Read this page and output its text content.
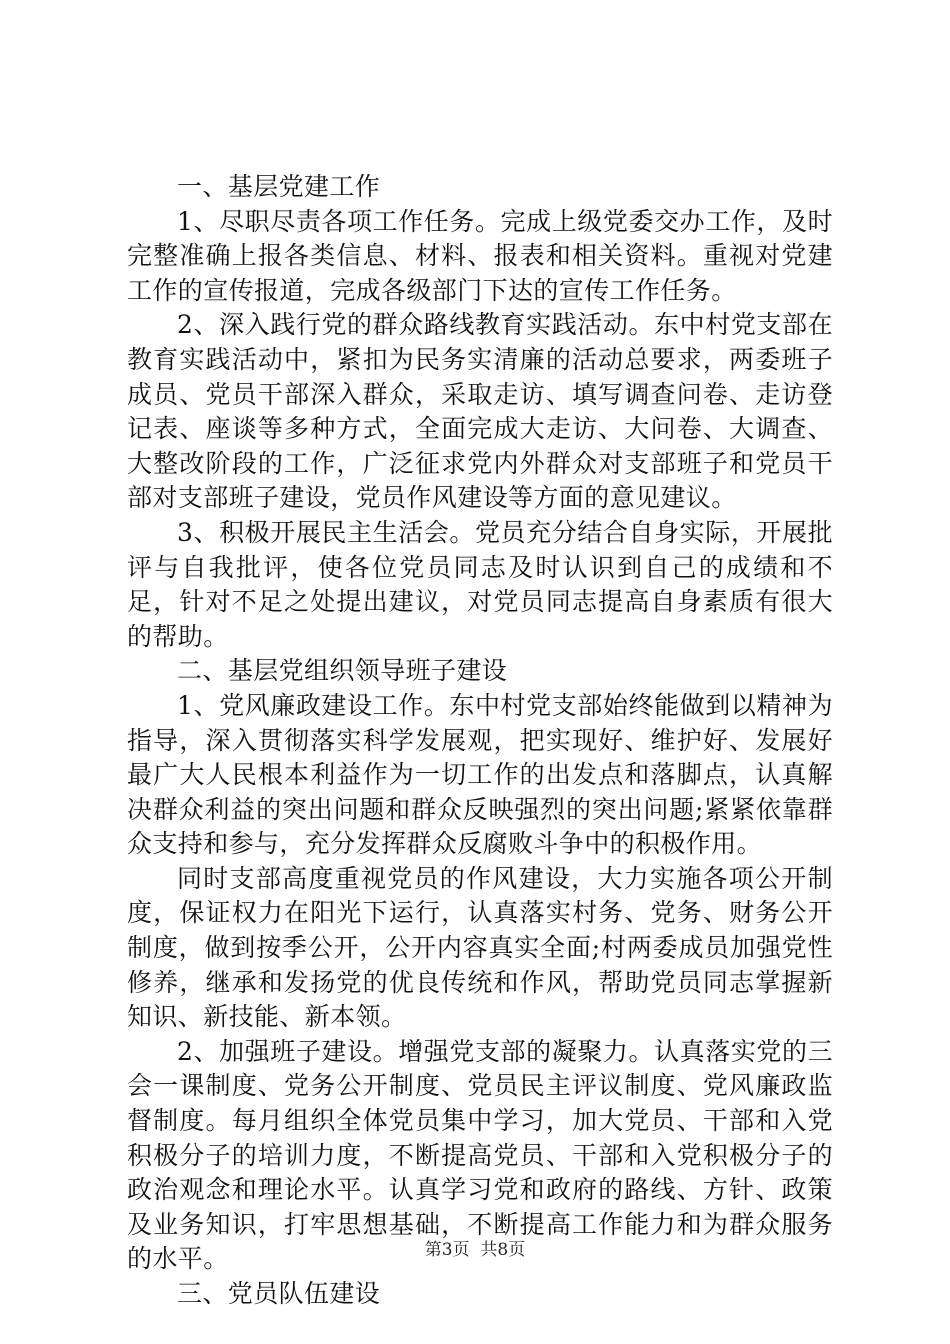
一、基层党建工作

1、尽职尽责各项工作任务。完成上级党委交办工作，及时完整准确上报各类信息、材料、报表和相关资料。重视对党建工作的宣传报道，完成各级部门下达的宣传工作任务。

2、深入践行党的群众路线教育实践活动。东中村党支部在教育实践活动中，紧扣为民务实清廉的活动总要求，两委班子成员、党员干部深入群众，采取走访、填写调查问卷、走访登记表、座谈等多种方式，全面完成大走访、大问卷、大调查、大整改阶段的工作，广泛征求党内外群众对支部班子和党员干部对支部班子建设，党员作风建设等方面的意见建议。

3、积极开展民主生活会。党员充分结合自身实际，开展批评与自我批评，使各位党员同志及时认识到自己的成绩和不足，针对不足之处提出建议，对党员同志提高自身素质有很大的帮助。

二、基层党组织领导班子建设

1、党风廉政建设工作。东中村党支部始终能做到以精神为指导，深入贯彻落实科学发展观，把实现好、维护好、发展好最广大人民根本利益作为一切工作的出发点和落脚点，认真解决群众利益的突出问题和群众反映强烈的突出问题;紧紧依靠群众支持和参与，充分发挥群众反腐败斗争中的积极作用。

同时支部高度重视党员的作风建设，大力实施各项公开制度，保证权力在阳光下运行，认真落实村务、党务、财务公开制度，做到按季公开，公开内容真实全面;村两委成员加强党性修养，继承和发扬党的优良传统和作风，帮助党员同志掌握新知识、新技能、新本领。

2、加强班子建设。增强党支部的凝聚力。认真落实党的三会一课制度、党务公开制度、党员民主评议制度、党风廉政监督制度。每月组织全体党员集中学习，加大党员、干部和入党积极分子的培训力度，不断提高党员、干部和入党积极分子的政治观念和理论水平。认真学习党和政府的路线、方针、政策及业务知识，打牢思想基础，不断提高工作能力和为群众服务的水平。

三、党员队伍建设

第3页 共8页
